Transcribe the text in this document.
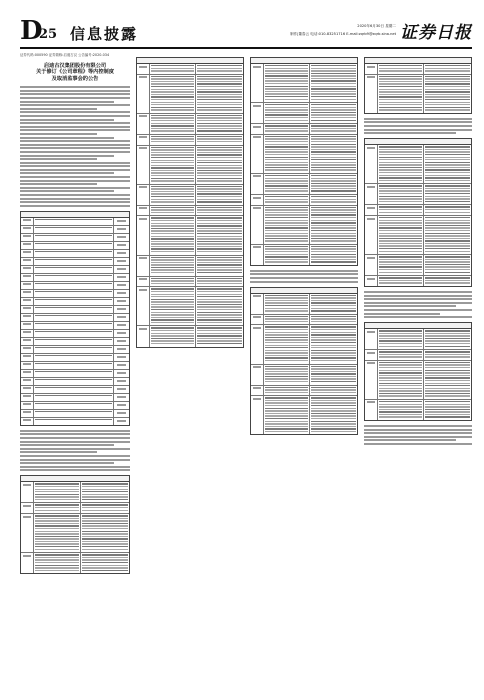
D
25 信息披露	2020年6月30日 星期二
制作|董春云 电话:010-83251716 E-mail:zqrb9@zqrb.sina.net 证券日报
证券代码:000590 证券简称:启迪古汉 公告编号:2020-034
启迪古汉集团股份有限公司
关于修订《公司章程》等内控制度
及取消监事会的公告
